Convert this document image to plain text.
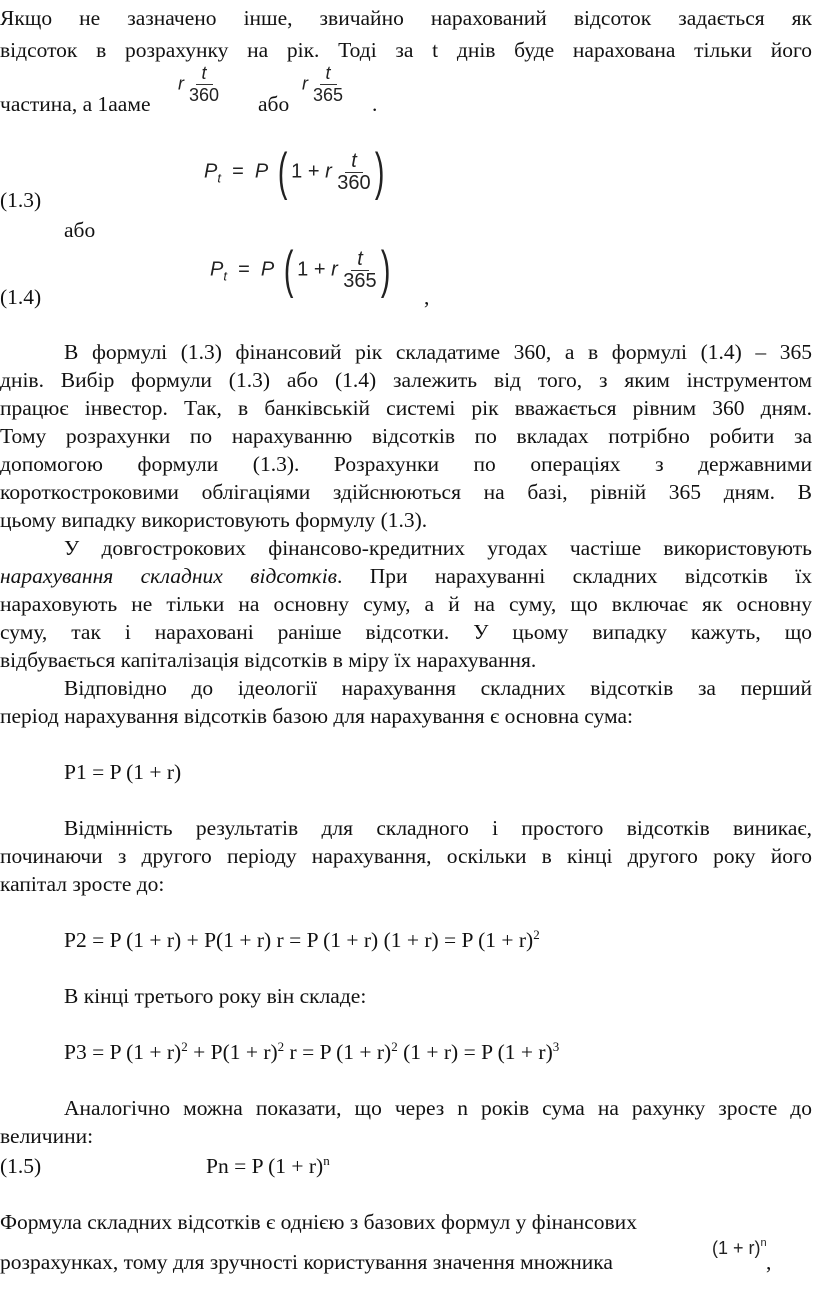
Якщо не зазначено інше, звичайно нарахований відсоток задається як
відсоток в розрахунку на рік. Тоді за t днів буде нарахована тільки його
частина, а 1ааме
r $\frac{t}{360}$ або
r $\frac{t}{365}$ .
$P_t = P$ ( 1 + r $\frac{t}{360}$ )
(1.3)
або
$P_t = P$ ( 1 + r $\frac{t}{365}$ ) ,
(1.4)
В формулі (1.3) фінансовий рік складатиме 360, а в формулі (1.4) – 365
днів. Вибір формули (1.3) або (1.4) залежить від того, з яким інструментом
працює інвестор. Так, в банківській системі рік вважається рівним 360 дням.
Тому розрахунки по нарахуванню відсотків по вкладах потрібно робити за
допомогою формули (1.3). Розрахунки по операціях з державними
короткостроковими облігаціями здійснюються на базі, рівній 365 дням. В
цьому випадку використовують формулу (1.3).
У довгострокових фінансово-кредитних угодах частіше використовують
нарахування складних відсотків. При нарахуванні складних відсотків їх
нараховують не тільки на основну суму, а й на суму, що включає як основну
суму, так і нараховані раніше відсотки. У цьому випадку кажуть, що
відбувається капіталізація відсотків в міру їх нарахування.
Відповідно до ідеології нарахування складних відсотків за перший
період нарахування відсотків базою для нарахування є основна сума:
P1 = P (1 + r)
Відмінність результатів для складного і простого відсотків виникає,
починаючи з другого періоду нарахування, оскільки в кінці другого року його
капітал зросте до:
P2 = P (1 + r) + P(1 + r) r = P (1 + r) (1 + r) = P $(1 + r)^2$
В кінці третього року він складе:
P3 = P $(1 + r)^2 + P(1 + r)^2$ r = P $(1 + r)^2$ (1 + r) = P $(1 + r)^3$
Аналогічно можна показати, що через n років сума на рахунку зросте до
величини:
Pn = P $(1 + r)^n$
(1.5)
Формула складних відсотків є однією з базових формул у фінансових
розрахунках, тому для зручності користування значення множника
$(1 + r)^n$
,
